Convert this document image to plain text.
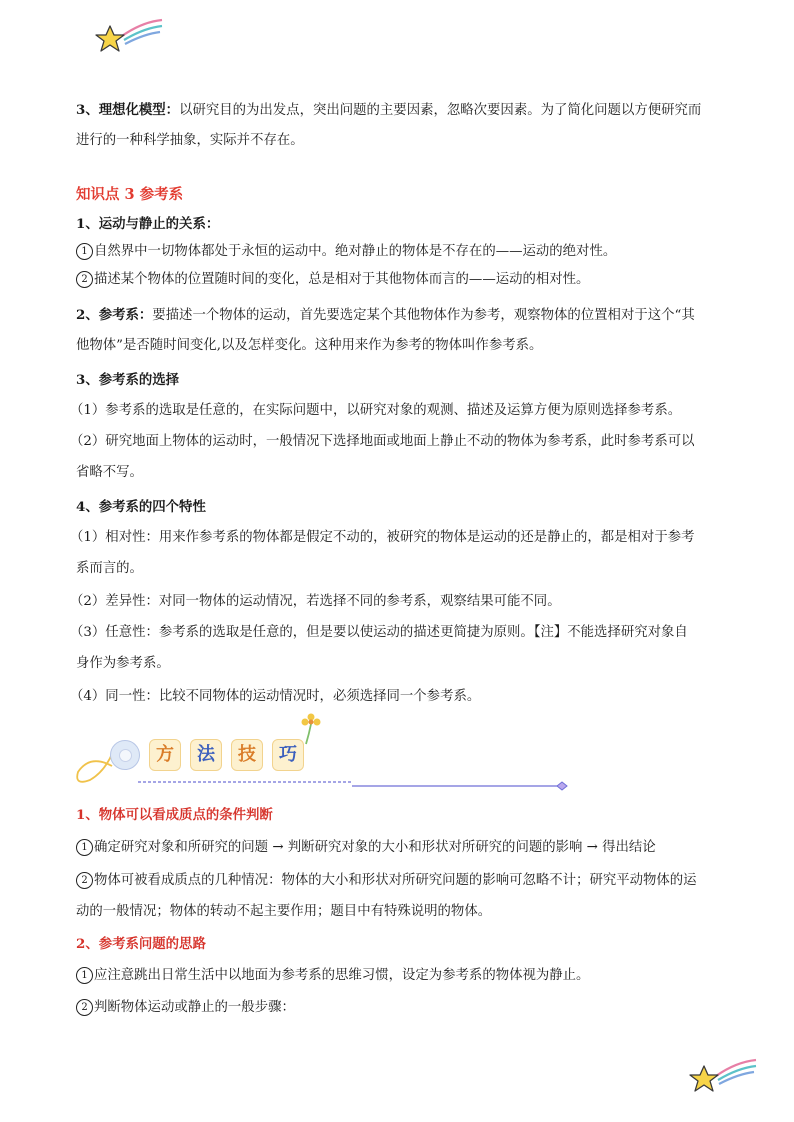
3、理想化模型：以研究目的为出发点，突出问题的主要因素，忽略次要因素。为了简化问题以方便研究而
进行的一种科学抽象，实际并不存在。
知识点 3 参考系
1、运动与静止的关系：
1 自然界中一切物体都处于永恒的运动中。绝对静止的物体是不存在的——运动的绝对性。
2 描述某个物体的位置随时间的变化，总是相对于其他物体而言的——运动的相对性。
2、参考系：要描述一个物体的运动，首先要选定某个其他物体作为参考，观察物体的位置相对于这个“其
他物体”是否随时间变化,以及怎样变化。这种用来作为参考的物体叫作参考系。
3、参考系的选择
（1）参考系的选取是任意的，在实际问题中，以研究对象的观测、描述及运算方便为原则选择参考系。
（2）研究地面上物体的运动时，一般情况下选择地面或地面上静止不动的物体为参考系，此时参考系可以
省略不写。
4、参考系的四个特性
（1）相对性：用来作参考系的物体都是假定不动的，被研究的物体是运动的还是静止的，都是相对于参考
系而言的。
（2）差异性：对同一物体的运动情况，若选择不同的参考系，观察结果可能不同。
（3）任意性：参考系的选取是任意的，但是要以使运动的描述更简捷为原则。【注】不能选择研究对象自
身作为参考系。
（4）同一性：比较不同物体的运动情况时，必须选择同一个参考系。
方	法	技	巧
1、物体可以看成质点的条件判断
1 确定研究对象和所研究的问题 → 判断研究对象的大小和形状对所研究的问题的影响 → 得出结论
2 物体可被看成质点的几种情况：物体的大小和形状对所研究问题的影响可忽略不计；研究平动物体的运
动的一般情况；物体的转动不起主要作用；题目中有特殊说明的物体。
2、参考系问题的思路
1 应注意跳出日常生活中以地面为参考系的思维习惯，设定为参考系的物体视为静止。
2 判断物体运动或静止的一般步骤：
